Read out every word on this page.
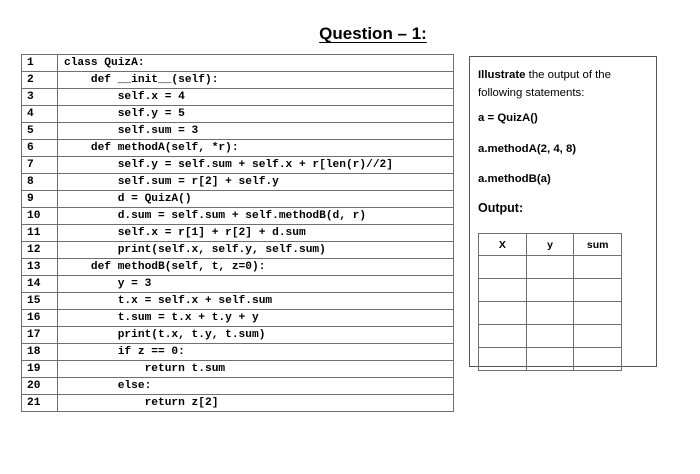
Question – 1:
1	class QuizA:
2	def __init__(self):
3	self.x = 4
4	self.y = 5
5	self.sum = 3
6	def methodA(self, *r):
7	self.y = self.sum + self.x + r[len(r)//2]
8	self.sum = r[2] + self.y
9	d = QuizA()
10	d.sum = self.sum + self.methodB(d, r)
11	self.x = r[1] + r[2] + d.sum
12	print(self.x, self.y, self.sum)
13	def methodB(self, t, z=0):
14	y = 3
15	t.x = self.x + self.sum
16	t.sum = t.x + t.y + y
17	print(t.x, t.y, t.sum)
18	if z == 0:
19	return t.sum
20	else:
21	return z[2]
Illustrate the output of the following statements:
a = QuizA()
a.methodA(2, 4, 8)
a.methodB(a)
Output:
X	y	sum
